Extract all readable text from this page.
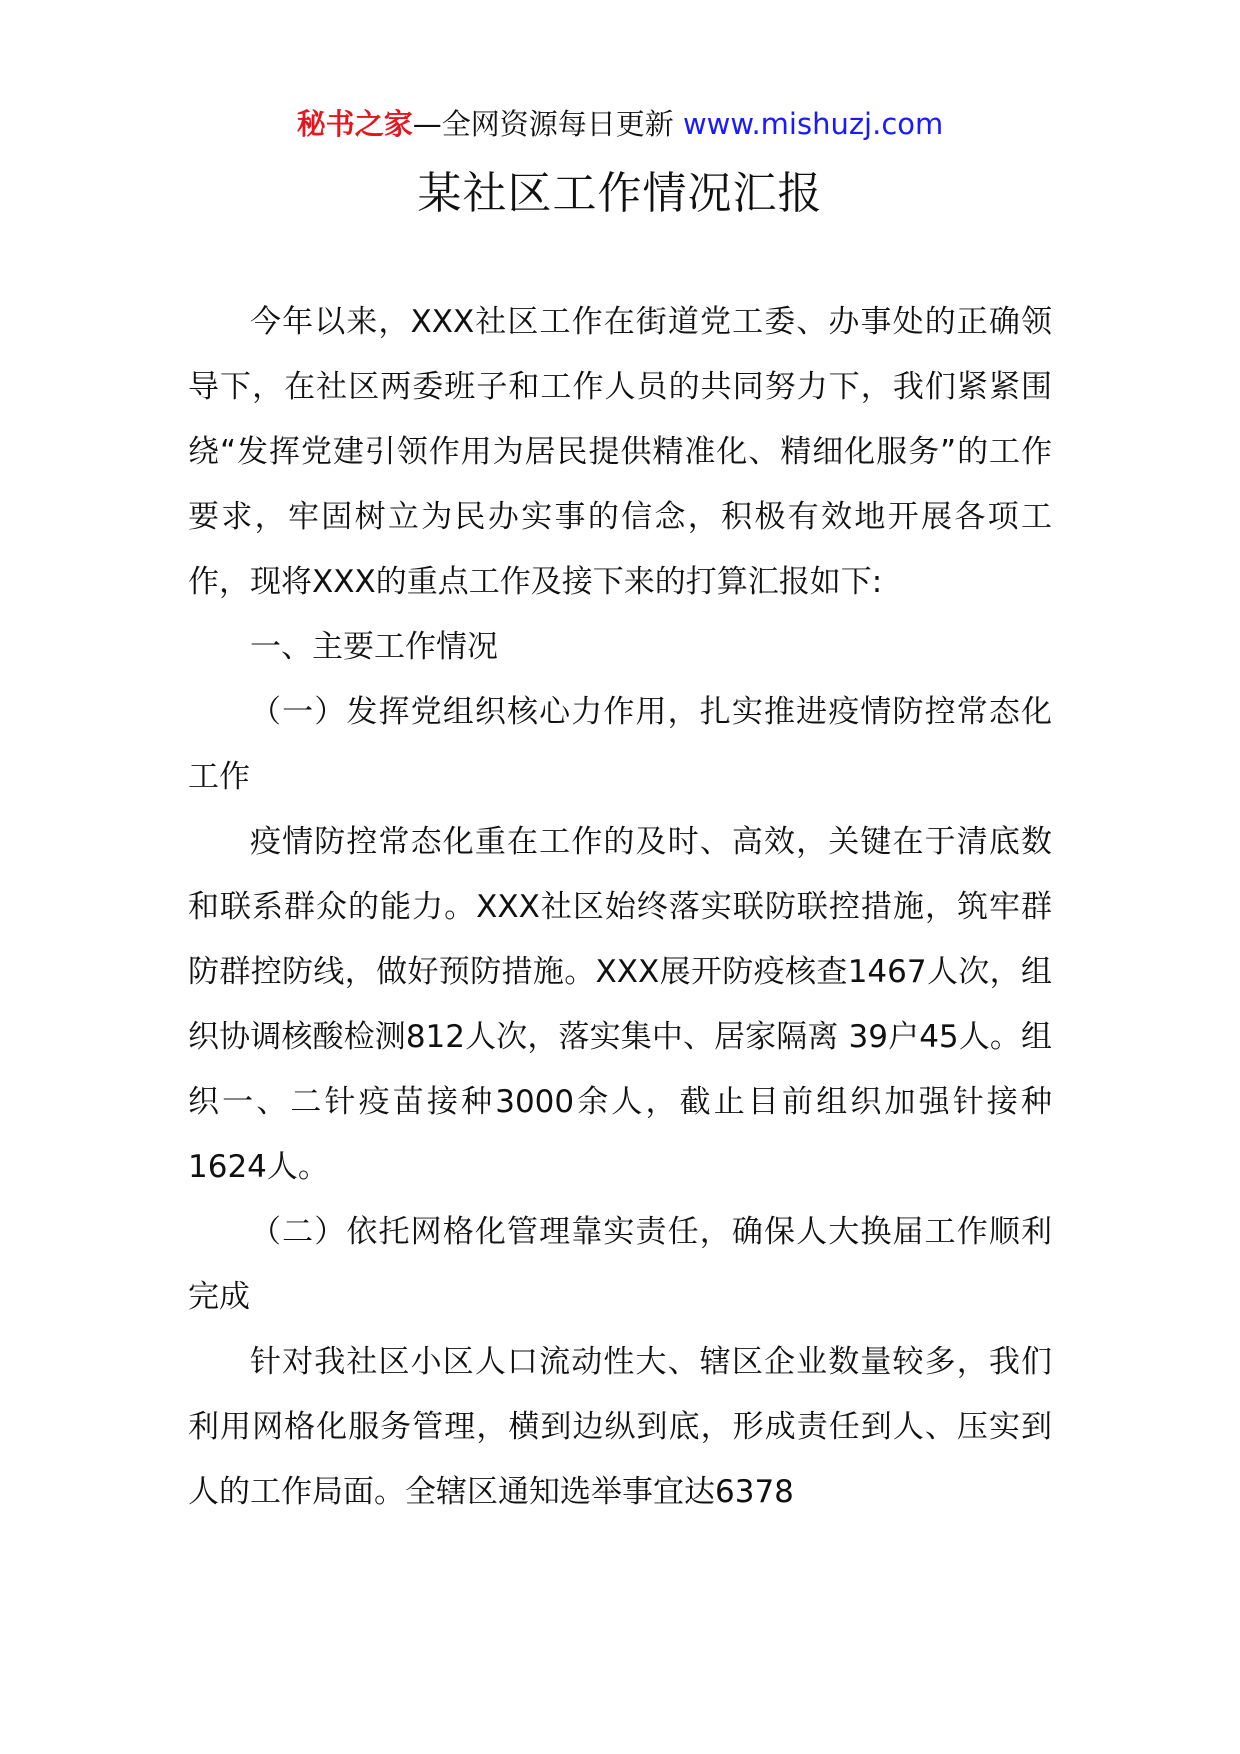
秘书之家—全网资源每日更新 www.mishuzj.com
某社区工作情况汇报

今年以来，XXX社区工作在街道党工委、办事处的正确领导下，在社区两委班子和工作人员的共同努力下，我们紧紧围绕“发挥党建引领作用为居民提供精准化、精细化服务”的工作要求，牢固树立为民办实事的信念，积极有效地开展各项工作，现将XXX的重点工作及接下来的打算汇报如下:

一、主要工作情况

（一）发挥党组织核心力作用，扎实推进疫情防控常态化工作

疫情防控常态化重在工作的及时、高效，关键在于清底数和联系群众的能力。XXX社区始终落实联防联控措施，筑牢群防群控防线，做好预防措施。XXX展开防疫核查1467人次，组织协调核酸检测812人次，落实集中、居家隔离 39户45人。组织一、二针疫苗接种3000余人，截止目前组织加强针接种1624人。

（二）依托网格化管理靠实责任，确保人大换届工作顺利完成

针对我社区小区人口流动性大、辖区企业数量较多，我们利用网格化服务管理，横到边纵到底，形成责任到人、压实到人的工作局面。全辖区通知选举事宜达6378
